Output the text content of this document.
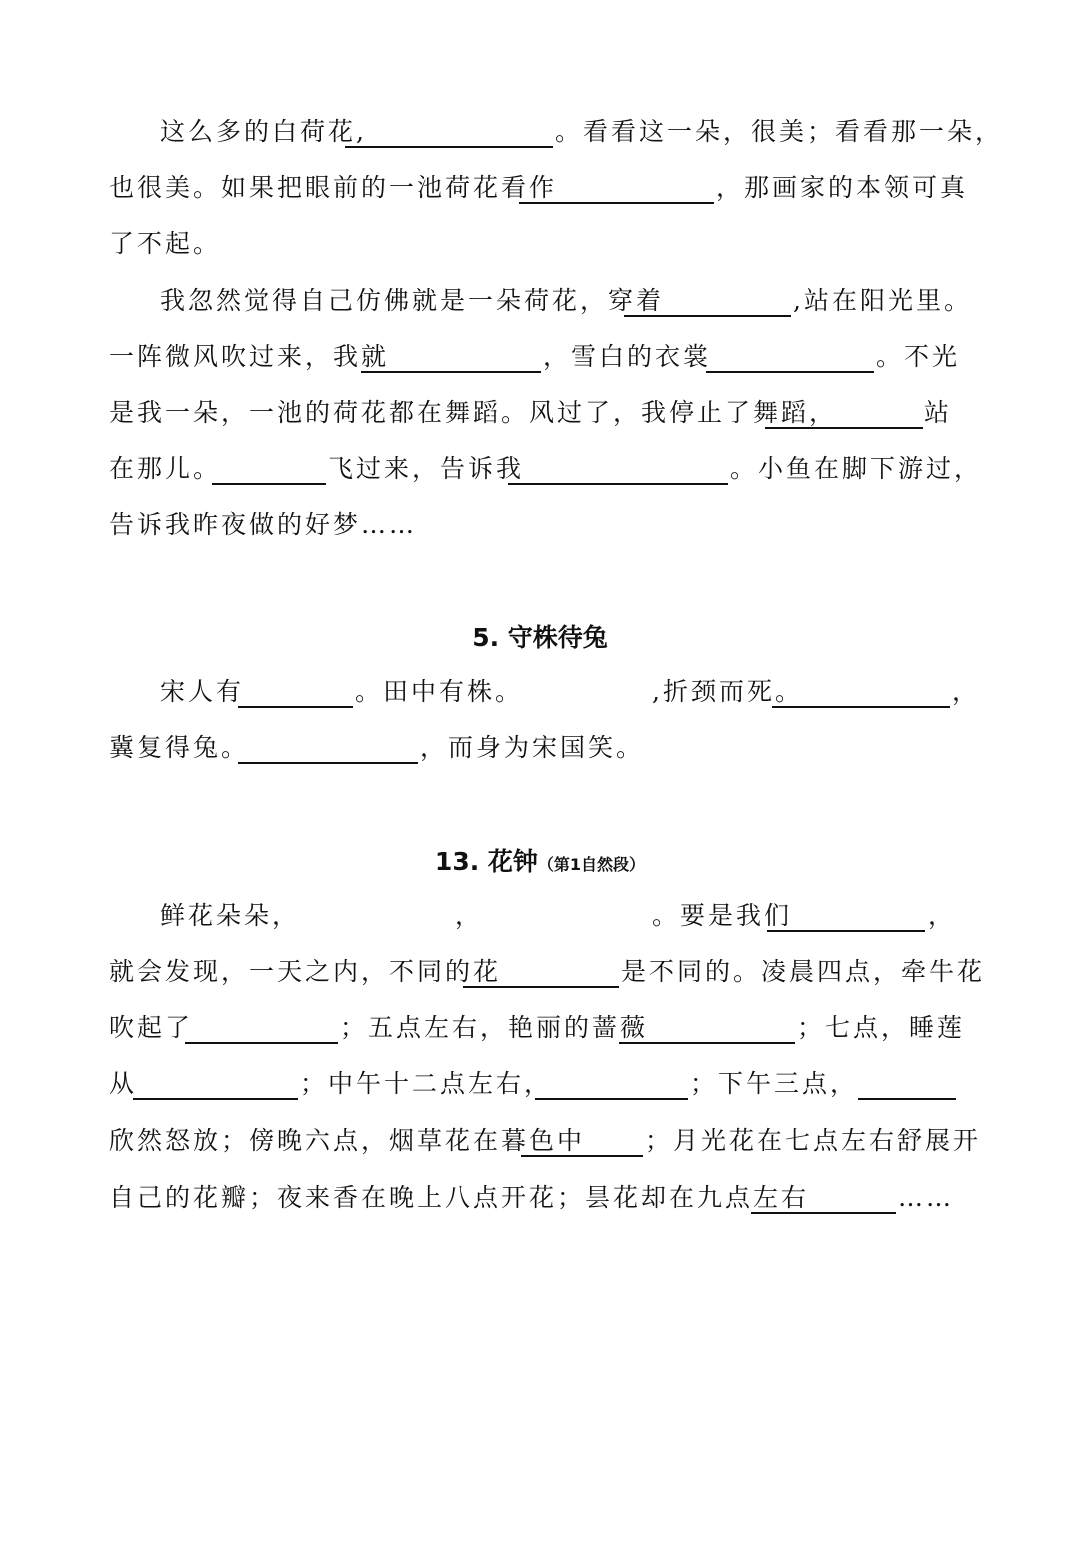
这么多的白荷花,	。看看这一朵，很美；看看那一朵，
也很美。如果把眼前的一池荷花看作	，那画家的本领可真
了不起。
我忽然觉得自己仿佛就是一朵荷花，穿着	,站在阳光里。
一阵微风吹过来，我就	，雪白的衣裳	。不光
是我一朵，一池的荷花都在舞蹈。风过了，我停止了舞蹈，	站
在那儿。	飞过来，告诉我	。小鱼在脚下游过，
告诉我昨夜做的好梦……
5. 守株待兔
宋人有	。田中有株。	,折颈而死。	，
冀复得兔。	，而身为宋国笑。
13. 花钟（第1自然段）
鲜花朵朵，	，	。要是我们	，
就会发现，一天之内，不同的花	是不同的。凌晨四点，牵牛花
吹起了	；五点左右，艳丽的蔷薇	；七点，睡莲
从	；中午十二点左右，	；下午三点，
欣然怒放；傍晚六点，烟草花在暮色中 ；月光花在七点左右舒展开
自己的花瓣；夜来香在晚上八点开花；昙花却在九点左右	……
